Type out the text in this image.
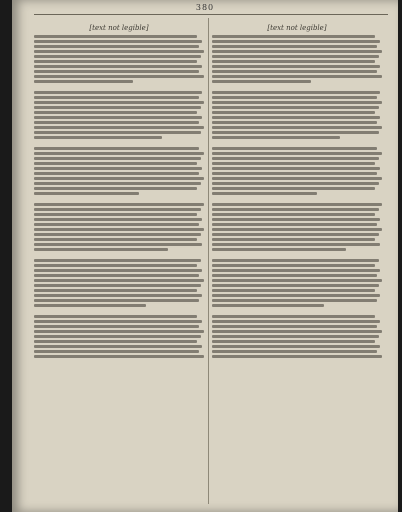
380
[text not legible]	[text not legible]
